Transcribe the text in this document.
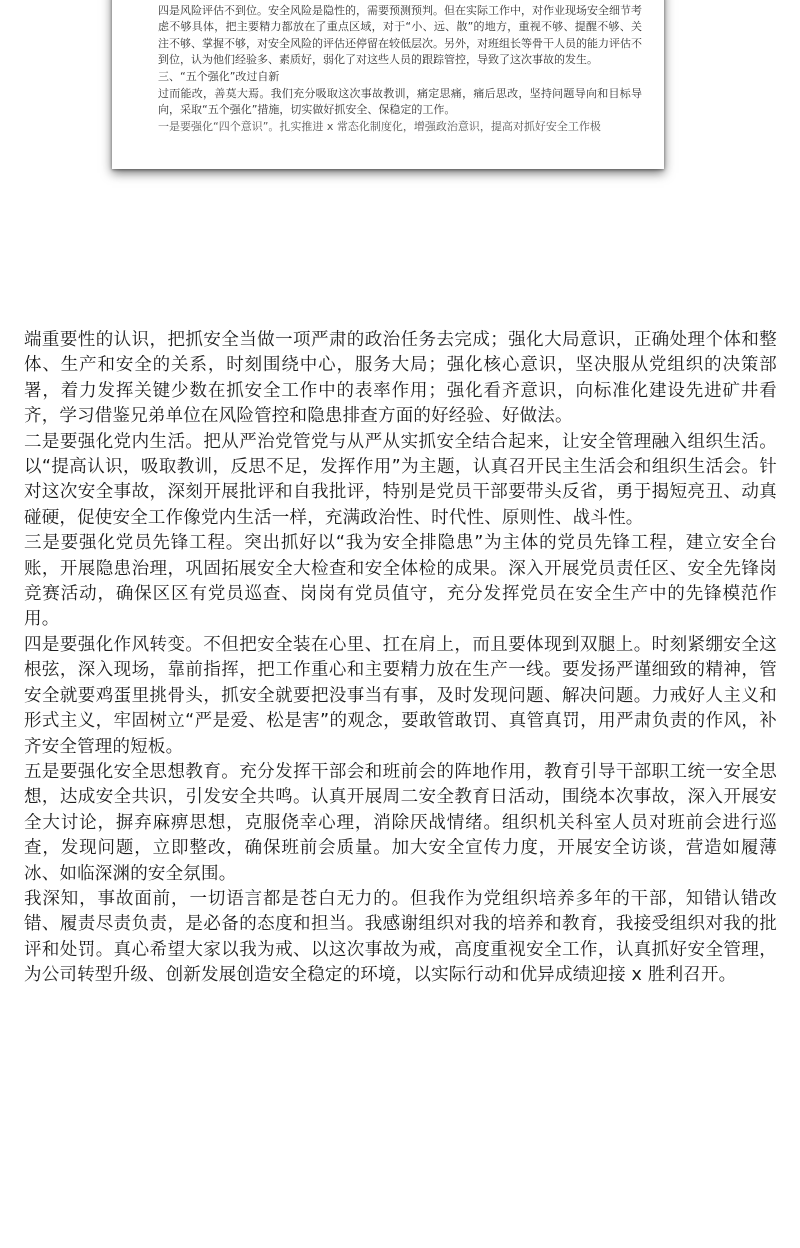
四是风险评估不到位。安全风险是隐性的，需要预测预判。但在实际工作中，对作业现场安全细节考虑不够具体，把主要精力都放在了重点区域，对于“小、远、散”的地方，重视不够、提醒不够、关注不够、掌握不够，对安全风险的评估还停留在较低层次。另外，对班组长等骨干人员的能力评估不到位，认为他们经验多、素质好，弱化了对这些人员的跟踪管控，导致了这次事故的发生。

三、“五个强化”改过自新

过而能改，善莫大焉。我们充分吸取这次事故教训，痛定思痛，痛后思改，坚持问题导向和目标导向，采取“五个强化”措施，切实做好抓安全、保稳定的工作。

一是要强化“四个意识”。扎实推进 x 常态化制度化，增强政治意识，提高对抓好安全工作极

端重要性的认识，把抓安全当做一项严肃的政治任务去完成；强化大局意识，正确处理个体和整体、生产和安全的关系，时刻围绕中心，服务大局；强化核心意识，坚决服从党组织的决策部署，着力发挥关键少数在抓安全工作中的表率作用；强化看齐意识，向标准化建设先进矿井看齐，学习借鉴兄弟单位在风险管控和隐患排查方面的好经验、好做法。

二是要强化党内生活。把从严治党管党与从严从实抓安全结合起来，让安全管理融入组织生活。以“提高认识，吸取教训，反思不足，发挥作用”为主题，认真召开民主生活会和组织生活会。针对这次安全事故，深刻开展批评和自我批评，特别是党员干部要带头反省，勇于揭短亮丑、动真碰硬，促使安全工作像党内生活一样，充满政治性、时代性、原则性、战斗性。

三是要强化党员先锋工程。突出抓好以“我为安全排隐患”为主体的党员先锋工程，建立安全台账，开展隐患治理，巩固拓展安全大检查和安全体检的成果。深入开展党员责任区、安全先锋岗竞赛活动，确保区区有党员巡查、岗岗有党员值守，充分发挥党员在安全生产中的先锋模范作用。

四是要强化作风转变。不但把安全装在心里、扛在肩上，而且要体现到双腿上。时刻紧绷安全这根弦，深入现场，靠前指挥，把工作重心和主要精力放在生产一线。要发扬严谨细致的精神，管安全就要鸡蛋里挑骨头，抓安全就要把没事当有事，及时发现问题、解决问题。力戒好人主义和形式主义，牢固树立“严是爱、松是害”的观念，要敢管敢罚、真管真罚，用严肃负责的作风，补齐安全管理的短板。

五是要强化安全思想教育。充分发挥干部会和班前会的阵地作用，教育引导干部职工统一安全思想，达成安全共识，引发安全共鸣。认真开展周二安全教育日活动，围绕本次事故，深入开展安全大讨论，摒弃麻痹思想，克服侥幸心理，消除厌战情绪。组织机关科室人员对班前会进行巡查，发现问题，立即整改，确保班前会质量。加大安全宣传力度，开展安全访谈，营造如履薄冰、如临深渊的安全氛围。

我深知，事故面前，一切语言都是苍白无力的。但我作为党组织培养多年的干部，知错认错改错、履责尽责负责，是必备的态度和担当。我感谢组织对我的培养和教育，我接受组织对我的批评和处罚。真心希望大家以我为戒、以这次事故为戒，高度重视安全工作，认真抓好安全管理，为公司转型升级、创新发展创造安全稳定的环境，以实际行动和优异成绩迎接 x 胜利召开。
